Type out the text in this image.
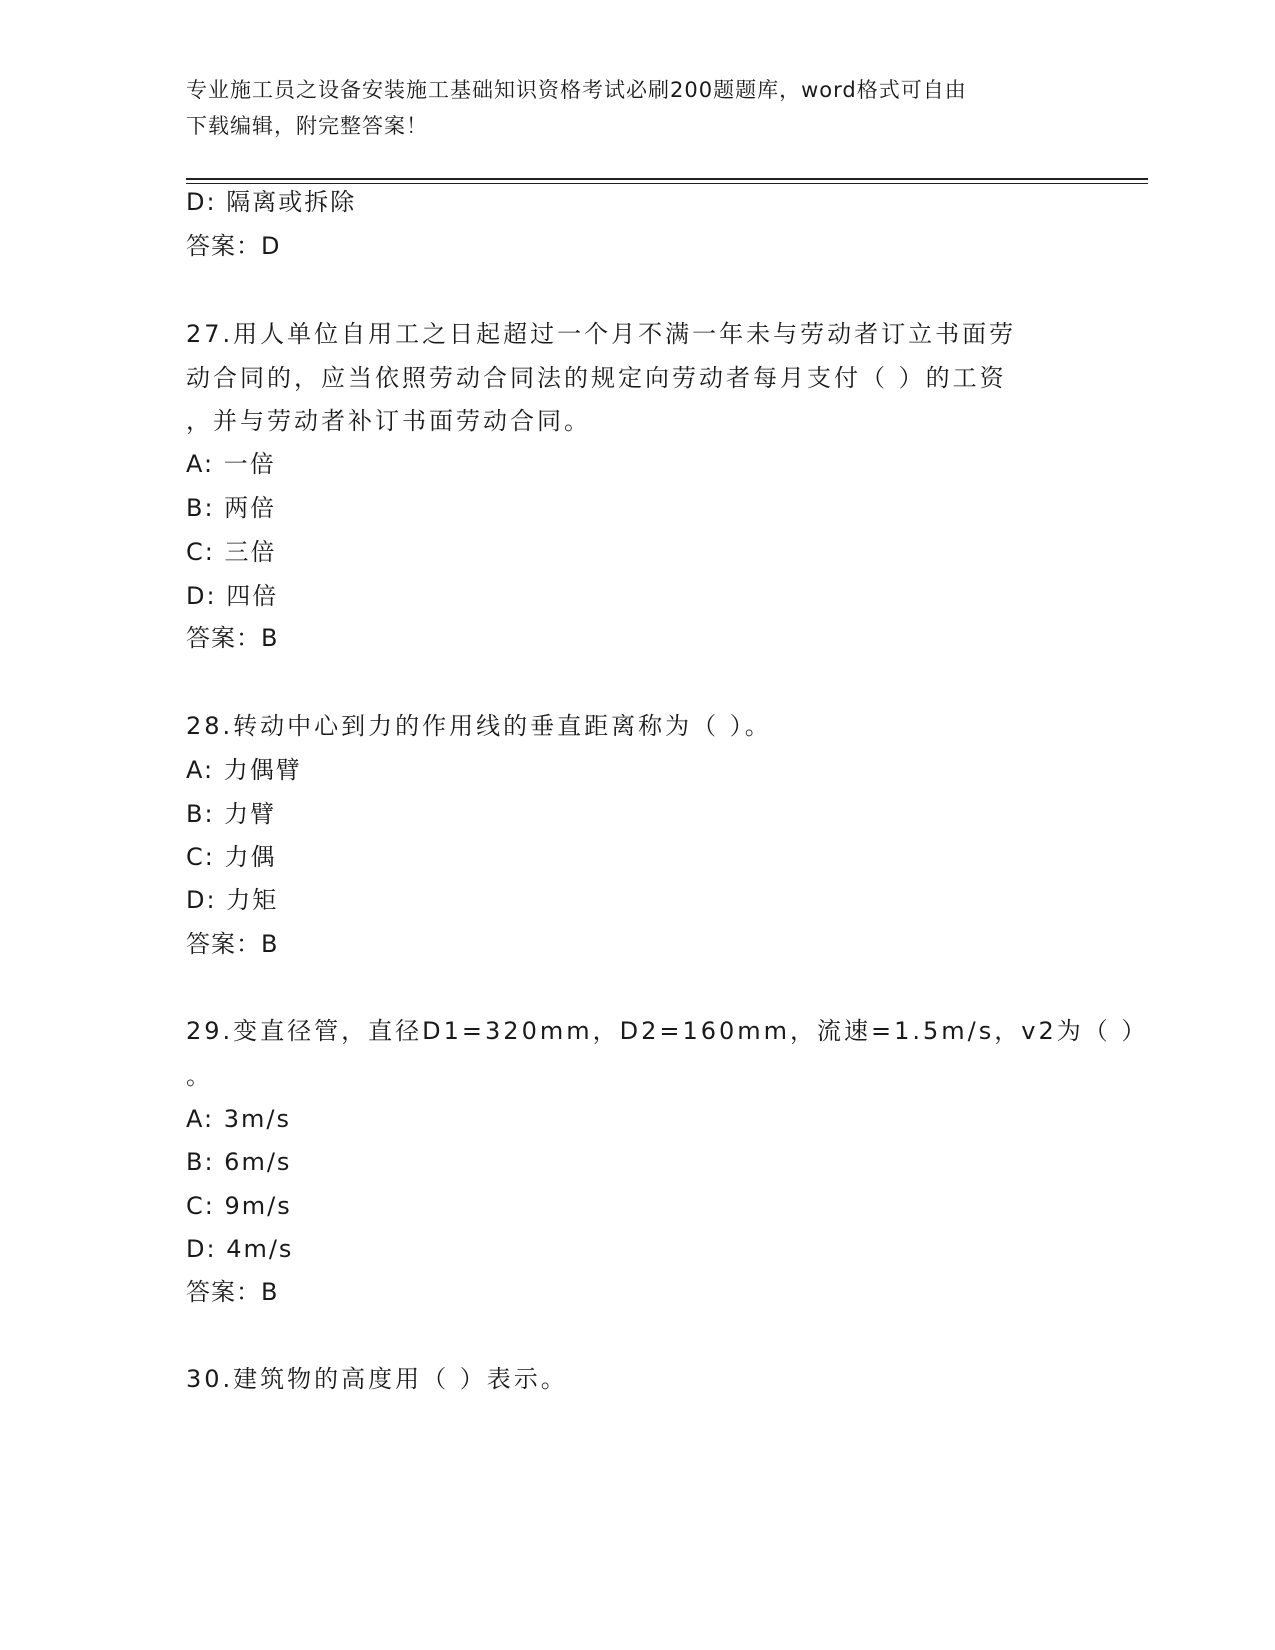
专业施工员之设备安装施工基础知识资格考试必刷200题题库，word格式可自由
下载编辑，附完整答案！
D: 隔离或拆除
答案：D
27.用人单位自用工之日起超过一个月不满一年未与劳动者订立书面劳
动合同的，应当依照劳动合同法的规定向劳动者每月支付（ ）的工资
，并与劳动者补订书面劳动合同。
A: 一倍
B: 两倍
C: 三倍
D: 四倍
答案：B
28.转动中心到力的作用线的垂直距离称为（ ）。
A: 力偶臂
B: 力臂
C: 力偶
D: 力矩
答案：B
29.变直径管，直径D1=320mm，D2=160mm，流速=1.5m/s，v2为（ ）
。
A: 3m/s
B: 6m/s
C: 9m/s
D: 4m/s
答案：B
30.建筑物的高度用（ ）表示。
